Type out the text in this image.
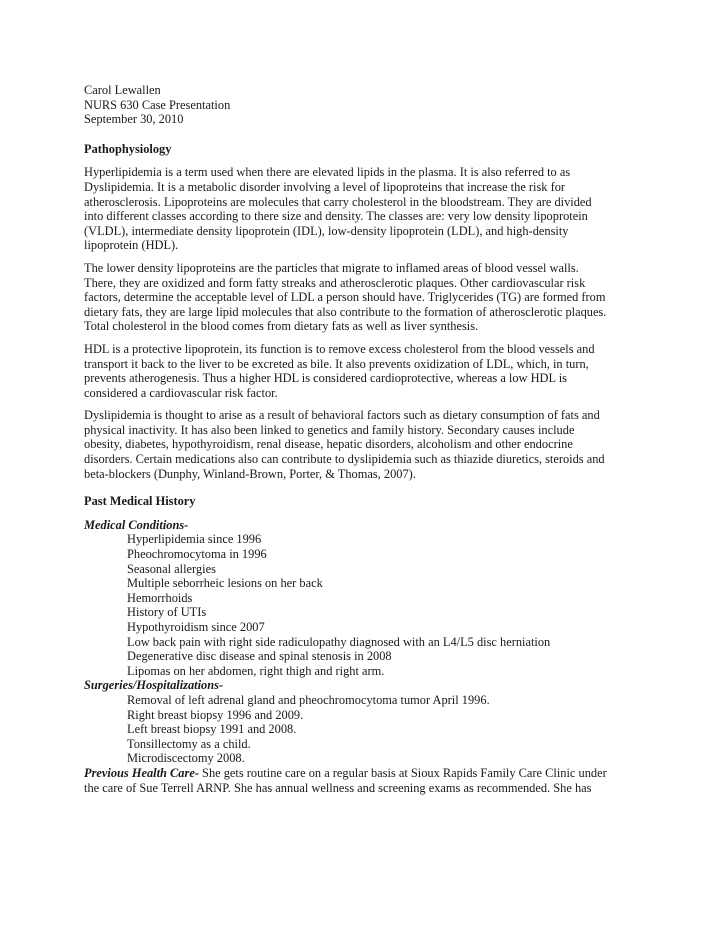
Carol Lewallen
NURS 630 Case Presentation
September 30, 2010
Pathophysiology

Hyperlipidemia is a term used when there are elevated lipids in the plasma. It is also referred to as
Dyslipidemia. It is a metabolic disorder involving a level of lipoproteins that increase the risk for
atherosclerosis. Lipoproteins are molecules that carry cholesterol in the bloodstream. They are divided
into different classes according to there size and density. The classes are: very low density lipoprotein
(VLDL), intermediate density lipoprotein (IDL), low-density lipoprotein (LDL), and high-density
lipoprotein (HDL).

The lower density lipoproteins are the particles that migrate to inflamed areas of blood vessel walls.
There, they are oxidized and form fatty streaks and atherosclerotic plaques. Other cardiovascular risk
factors, determine the acceptable level of LDL a person should have. Triglycerides (TG) are formed from
dietary fats, they are large lipid molecules that also contribute to the formation of atherosclerotic plaques.
Total cholesterol in the blood comes from dietary fats as well as liver synthesis.

HDL is a protective lipoprotein, its function is to remove excess cholesterol from the blood vessels and
transport it back to the liver to be excreted as bile. It also prevents oxidization of LDL, which, in turn,
prevents atherogenesis. Thus a higher HDL is considered cardioprotective, whereas a low HDL is
considered a cardiovascular risk factor.

Dyslipidemia is thought to arise as a result of behavioral factors such as dietary consumption of fats and
physical inactivity. It has also been linked to genetics and family history. Secondary causes include
obesity, diabetes, hypothyroidism, renal disease, hepatic disorders, alcoholism and other endocrine
disorders. Certain medications also can contribute to dyslipidemia such as thiazide diuretics, steroids and
beta-blockers (Dunphy, Winland-Brown, Porter, & Thomas, 2007).

Past Medical History
Medical Conditions-
Hyperlipidemia since 1996
Pheochromocytoma in 1996
Seasonal allergies
Multiple seborrheic lesions on her back
Hemorrhoids
History of UTIs
Hypothyroidism since 2007
Low back pain with right side radiculopathy diagnosed with an L4/L5 disc herniation
Degenerative disc disease and spinal stenosis in 2008
Lipomas on her abdomen, right thigh and right arm.
Surgeries/Hospitalizations-
Removal of left adrenal gland and pheochromocytoma tumor April 1996.
Right breast biopsy 1996 and 2009.
Left breast biopsy 1991 and 2008.
Tonsillectomy as a child.
Microdiscectomy 2008.
Previous Health Care- She gets routine care on a regular basis at Sioux Rapids Family Care Clinic under
the care of Sue Terrell ARNP. She has annual wellness and screening exams as recommended. She has
